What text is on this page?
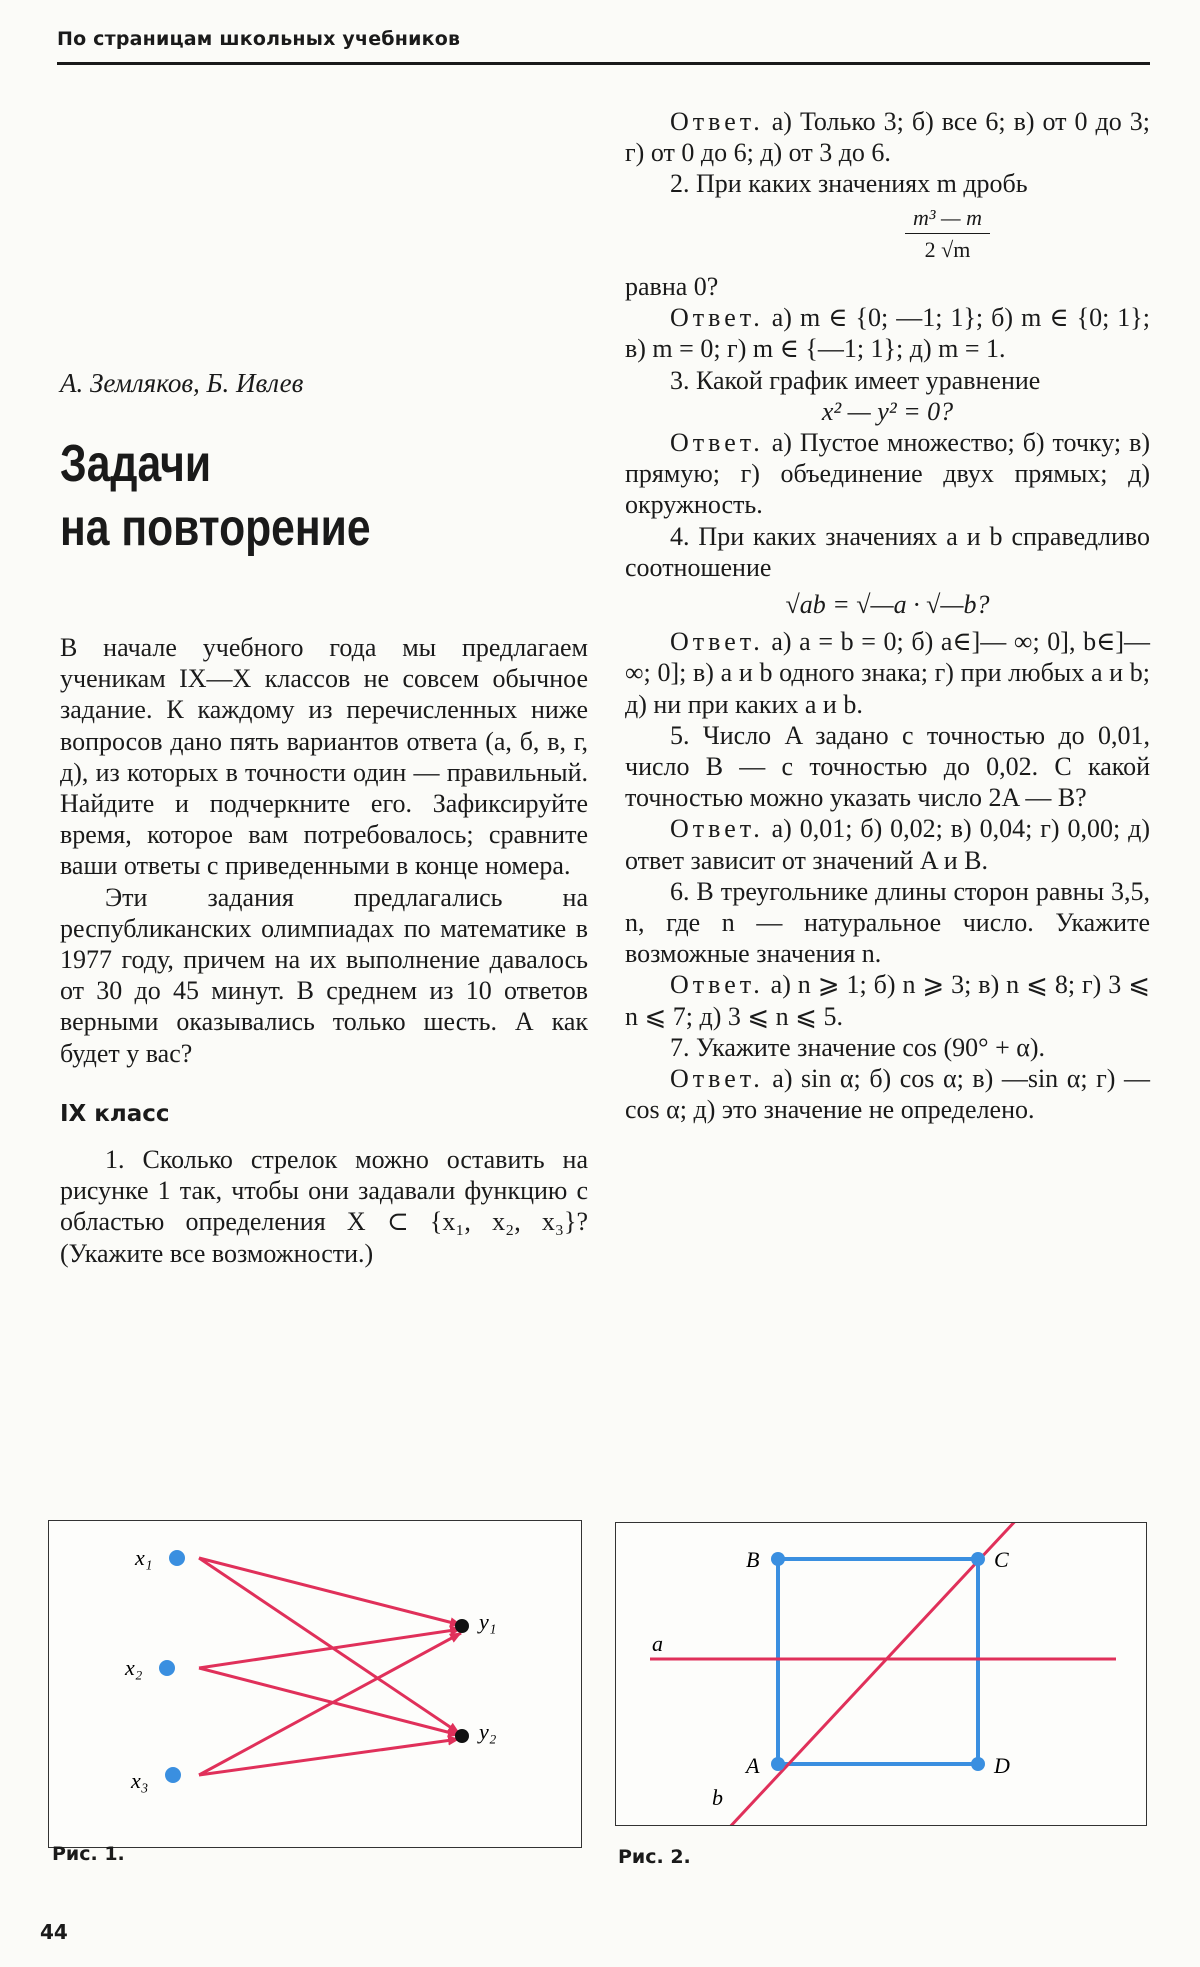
По страницам школьных учебников
А. Земляков, Б. Ивлев
Задачи
на повторение

В начале учебного года мы предлагаем ученикам IX—X классов не совсем обычное задание. К каждому из перечисленных ниже вопросов дано пять вариантов ответа (а, б, в, г, д), из которых в точности один — правильный. Найдите и подчеркните его. Зафиксируйте время, которое вам потребовалось; сравните ваши ответы с приведенными в конце номера.

Эти задания предлагались на республиканских олимпиадах по математике в 1977 году, причем на их выполнение давалось от 30 до 45 минут. В среднем из 10 ответов верными оказывались только шесть. А как будет у вас?

IX класс

1. Сколько стрелок можно оставить на рисунке 1 так, чтобы они задавали функцию с областью определения X ⊂ {x₁, x₂, x₃}? (Укажите все возможности.)

Ответ. а) Только 3; б) все 6; в) от 0 до 3; г) от 0 до 6; д) от 3 до 6.

2. При каких значениях m дробь

m³ — m
2 √m

равна 0?

Ответ. а) m ∈ {0; —1; 1}; б) m ∈ {0; 1}; в) m = 0; г) m ∈ {—1; 1}; д) m = 1.

3. Какой график имеет уравнение

x² — y² = 0?

Ответ. а) Пустое множество; б) точку; в) прямую; г) объединение двух прямых; д) окружность.

4. При каких значениях a и b справедливо соотношение

√ab = √—a · √—b?

Ответ. а) a = b = 0; б) a∈]— ∞; 0], b∈]—∞; 0]; в) a и b одного знака; г) при любых a и b; д) ни при каких a и b.

5. Число A задано с точностью до 0,01, число B — с точностью до 0,02. С какой точностью можно указать число 2A — B?

Ответ. а) 0,01; б) 0,02; в) 0,04; г) 0,00; д) ответ зависит от значений A и B.

6. В треугольнике длины сторон равны 3,5, n, где n — натуральное число. Укажите возможные значения n.

Ответ. а) n ⩾ 1; б) n ⩾ 3; в) n ⩽ 8; г) 3 ⩽ n ⩽ 7; д) 3 ⩽ n ⩽ 5.

7. Укажите значение cos (90° + α).

Ответ. а) sin α; б) cos α; в) —sin α; г) —cos α; д) это значение не определено.

x₁
x₂
x₃
y₁
y₂
Рис. 1.
a
b
A
B	C
D
Рис. 2.
44
